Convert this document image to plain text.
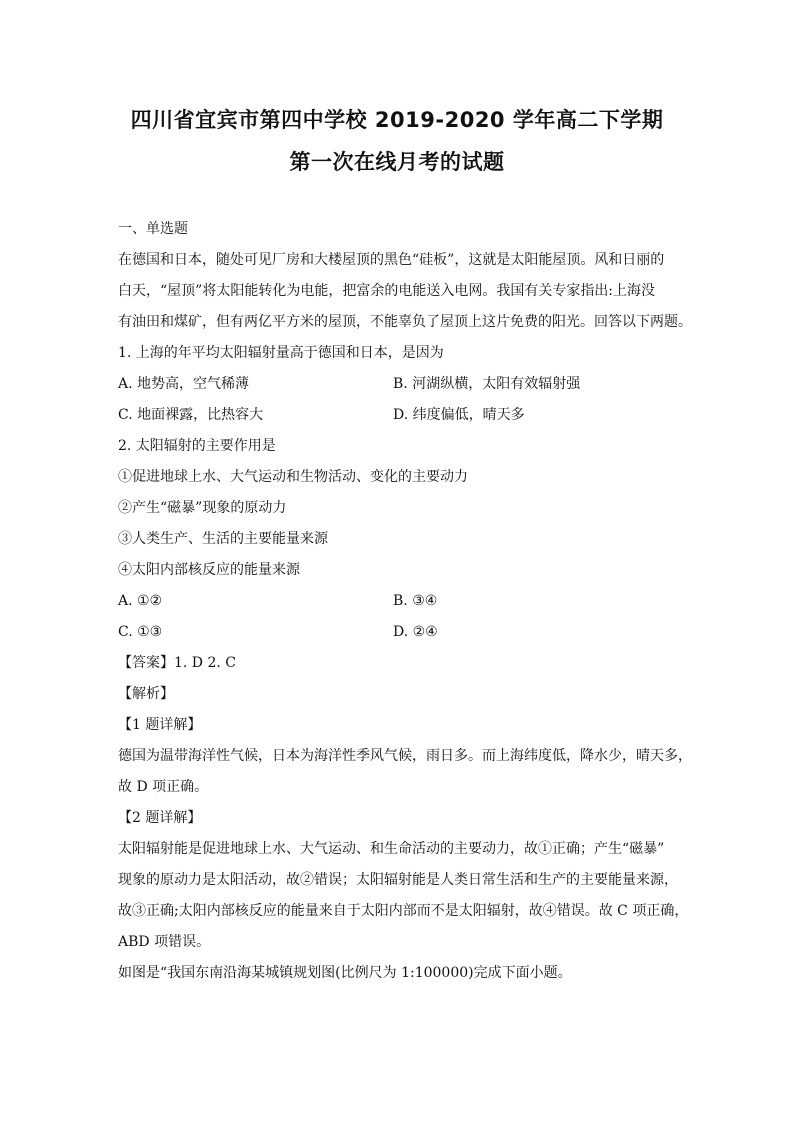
四川省宜宾市第四中学校 2019-2020 学年高二下学期
第一次在线月考的试题
一、单选题
在德国和日本，随处可见厂房和大楼屋顶的黑色“硅板”，这就是太阳能屋顶。风和日丽的
白天，“屋顶”将太阳能转化为电能，把富余的电能送入电网。我国有关专家指出:上海没
有油田和煤矿，但有两亿平方米的屋顶，不能辜负了屋顶上这片免费的阳光。回答以下两题。
1. 上海的年平均太阳辐射量高于德国和日本，是因为
A. 地势高，空气稀薄	B. 河湖纵横，太阳有效辐射强
C. 地面裸露，比热容大	D. 纬度偏低，晴天多
2. 太阳辐射的主要作用是
①促进地球上水、大气运动和生物活动、变化的主要动力
②产生“磁暴”现象的原动力
③人类生产、生活的主要能量来源
④太阳内部核反应的能量来源
A. ①②	B. ③④
C. ①③	D. ②④
【答案】1. D 2. C
【解析】
【1 题详解】
德国为温带海洋性气候，日本为海洋性季风气候，雨日多。而上海纬度低，降水少，晴天多，
故 D 项正确。
【2 题详解】
太阳辐射能是促进地球上水、大气运动、和生命活动的主要动力，故①正确；产生“磁暴”
现象的原动力是太阳活动，故②错误；太阳辐射能是人类日常生活和生产的主要能量来源，
故③正确;太阳内部核反应的能量来自于太阳内部而不是太阳辐射，故④错误。故 C 项正确，
ABD 项错误。
如图是“我国东南沿海某城镇规划图(比例尺为 1:100000)完成下面小题。
